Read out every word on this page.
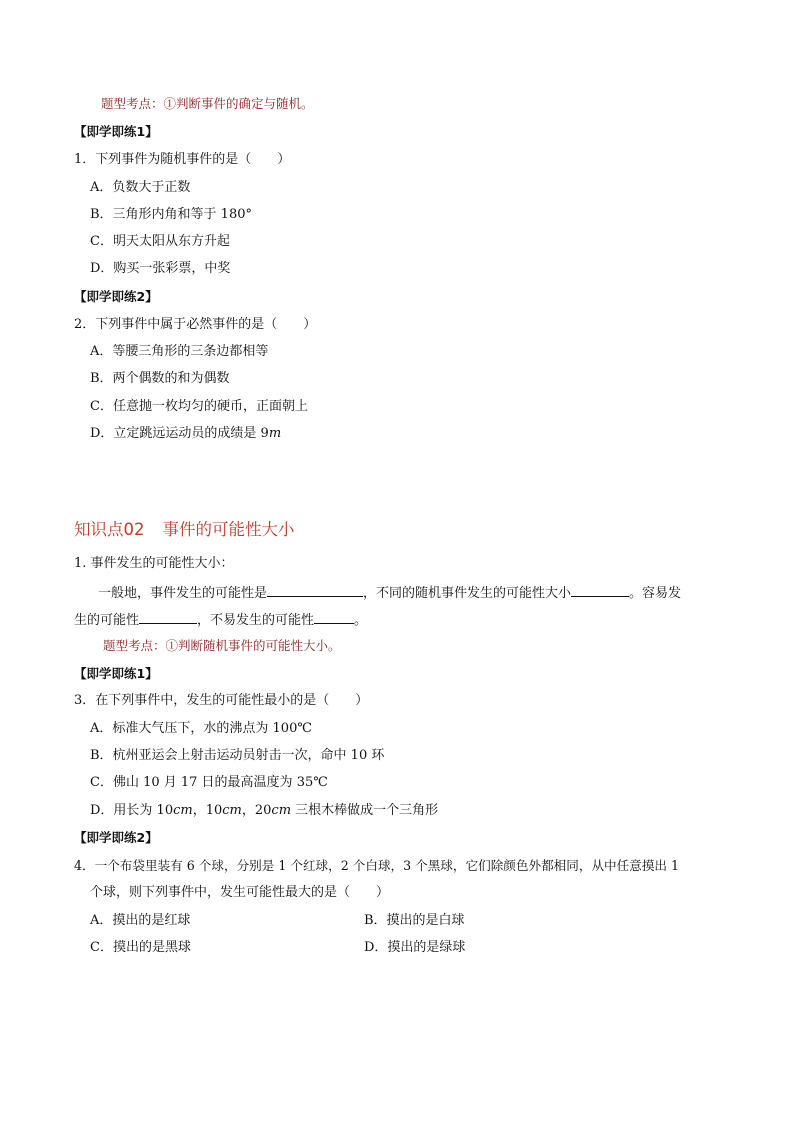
题型考点：①判断事件的确定与随机。
【即学即练1】
1．下列事件为随机事件的是（　　）
A．负数大于正数
B．三角形内角和等于 180°
C．明天太阳从东方升起
D．购买一张彩票，中奖
【即学即练2】
2．下列事件中属于必然事件的是（　　）
A．等腰三角形的三条边都相等
B．两个偶数的和为偶数
C．任意抛一枚均匀的硬币，正面朝上
D．立定跳远运动员的成绩是 9m
知识点02 事件的可能性大小
1. 事件发生的可能性大小：
一般地，事件发生的可能性是	，不同的随机事件发生的可能性大小	。容易发
生的可能性	，不易发生的可能性	。
题型考点：①判断随机事件的可能性大小。
【即学即练1】
3．在下列事件中，发生的可能性最小的是（　　）
A．标准大气压下，水的沸点为 100℃
B．杭州亚运会上射击运动员射击一次，命中 10 环
C．佛山 10 月 17 日的最高温度为 35℃
D．用长为 10cm，10cm，20cm 三根木棒做成一个三角形
【即学即练2】
4．一个布袋里装有 6 个球，分别是 1 个红球，2 个白球，3 个黑球，它们除颜色外都相同，从中任意摸出 1
个球，则下列事件中，发生可能性最大的是（　　）
A．摸出的是红球	B．摸出的是白球
C．摸出的是黑球	D．摸出的是绿球
